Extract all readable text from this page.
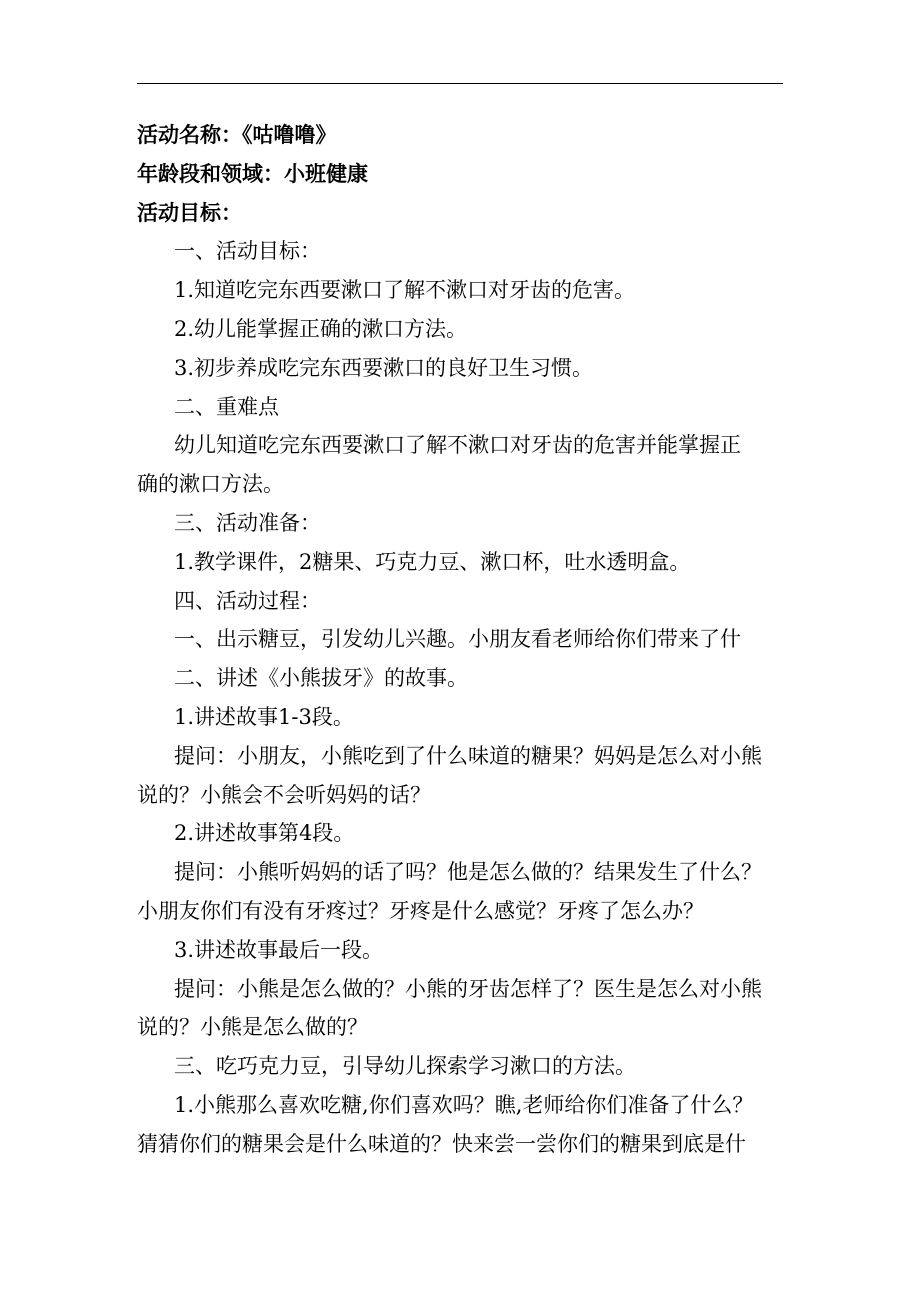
活动名称：《咕噜噜》
年龄段和领域：小班健康
活动目标：
一、活动目标：
1.知道吃完东西要漱口了解不漱口对牙齿的危害。
2.幼儿能掌握正确的漱口方法。
3.初步养成吃完东西要漱口的良好卫生习惯。
二、重难点
幼儿知道吃完东西要漱口了解不漱口对牙齿的危害并能掌握正
确的漱口方法。
三、活动准备：
1.教学课件，2糖果、巧克力豆、漱口杯，吐水透明盒。
四、活动过程：
一、出示糖豆，引发幼儿兴趣。小朋友看老师给你们带来了什
二、讲述《小熊拔牙》的故事。
1.讲述故事1-3段。
提问：小朋友，小熊吃到了什么味道的糖果？妈妈是怎么对小熊
说的？小熊会不会听妈妈的话？
2.讲述故事第4段。
提问：小熊听妈妈的话了吗？他是怎么做的？结果发生了什么？
小朋友你们有没有牙疼过？牙疼是什么感觉？牙疼了怎么办？
3.讲述故事最后一段。
提问：小熊是怎么做的？小熊的牙齿怎样了？医生是怎么对小熊
说的？小熊是怎么做的？
三、吃巧克力豆，引导幼儿探索学习漱口的方法。
1.小熊那么喜欢吃糖,你们喜欢吗？瞧,老师给你们准备了什么？
猜猜你们的糖果会是什么味道的？快来尝一尝你们的糖果到底是什
